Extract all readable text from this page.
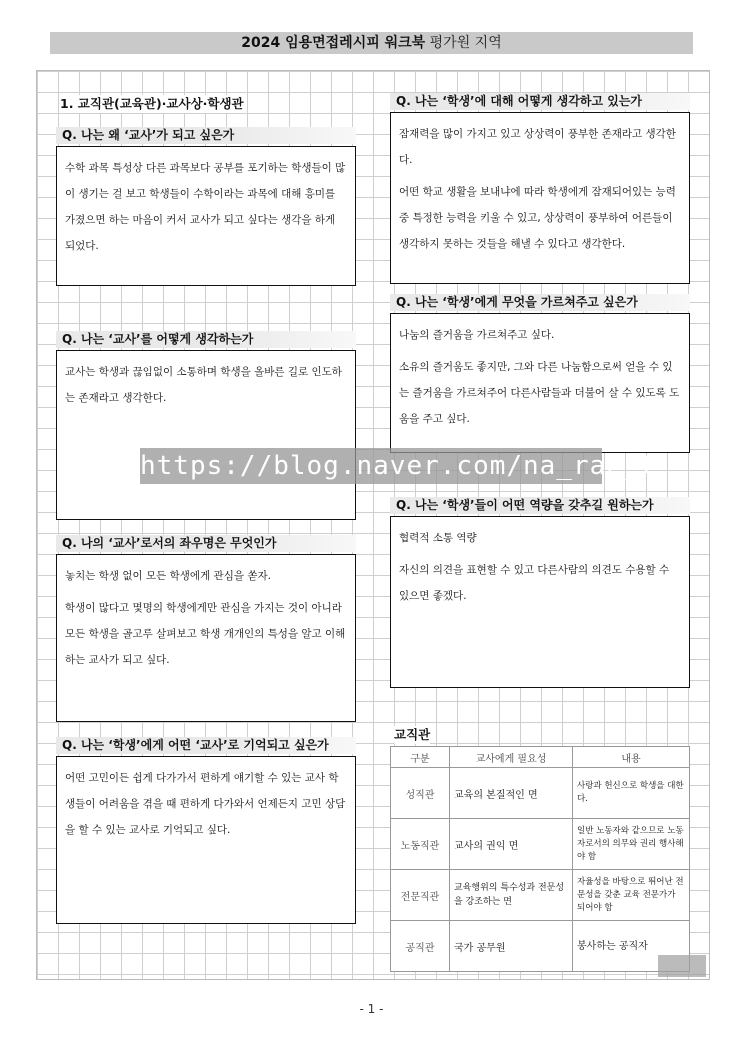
2024 임용면접레시피 워크북 평가원 지역
1. 교직관(교육관)·교사상·학생관
Q. 나는 왜 ‘교사’가 되고 싶은가

수학 과목 특성상 다른 과목보다 공부를 포기하는 학생들이 많이 생기는 걸 보고 학생들이 수학이라는 과목에 대해 흥미를 가졌으면 하는 마음이 커서 교사가 되고 싶다는 생각을 하게 되었다.

Q. 나는 ‘교사’를 어떻게 생각하는가

교사는 학생과 끊임없이 소통하며 학생을 올바른 길로 인도하는 존재라고 생각한다.

Q. 나의 ‘교사’로서의 좌우명은 무엇인가

놓치는 학생 없이 모든 학생에게 관심을 쏟자.

학생이 많다고 몇명의 학생에게만 관심을 가지는 것이 아니라 모든 학생을 골고루 살펴보고 학생 개개인의 특성을 알고 이해하는 교사가 되고 싶다.

Q. 나는 ‘학생’에게 어떤 ‘교사’로 기억되고 싶은가

어떤 고민이든 쉽게 다가가서 편하게 얘기할 수 있는 교사 학생들이 어려움을 겪을 때 편하게 다가와서 언제든지 고민 상담을 할 수 있는 교사로 기억되고 싶다.

Q. 나는 ‘학생’에 대해 어떻게 생각하고 있는가

잠재력을 많이 가지고 있고 상상력이 풍부한 존재라고 생각한다.

어떤 학교 생활을 보내냐에 따라 학생에게 잠재되어있는 능력 중 특정한 능력을 키울 수 있고, 상상력이 풍부하여 어른들이 생각하지 못하는 것들을 해낼 수 있다고 생각한다.

Q. 나는 ‘학생’에게 무엇을 가르쳐주고 싶은가

나눔의 즐거움을 가르쳐주고 싶다.

소유의 즐거움도 좋지만, 그와 다른 나눔함으로써 얻을 수 있는 즐거움을 가르쳐주어 다른사람들과 더불어 살 수 있도록 도움을 주고 싶다.

Q. 나는 ‘학생’들이 어떤 역량을 갖추길 원하는가

협력적 소통 역량

자신의 의견을 표현할 수 있고 다른사람의 의견도 수용할 수 있으면 좋겠다.

교직관
구분	교사에게 필요성	내용
성직관	교육의 본질적인 면	사랑과 헌신으로 학생을 대한다.
노동직관	교사의 권익 면	일반 노동자와 같으므로 노동자로서의 의무와 권리 행사해야 함
전문직관	교육행위의 특수성과 전문성을 강조하는 면	자율성을 바탕으로 뛰어난 전문성을 갖춘 교육 전문가가 되어야 함
공직관	국가 공무원	봉사하는 공직자
https://blog.naver.com/na_rae_t
- 1 -
